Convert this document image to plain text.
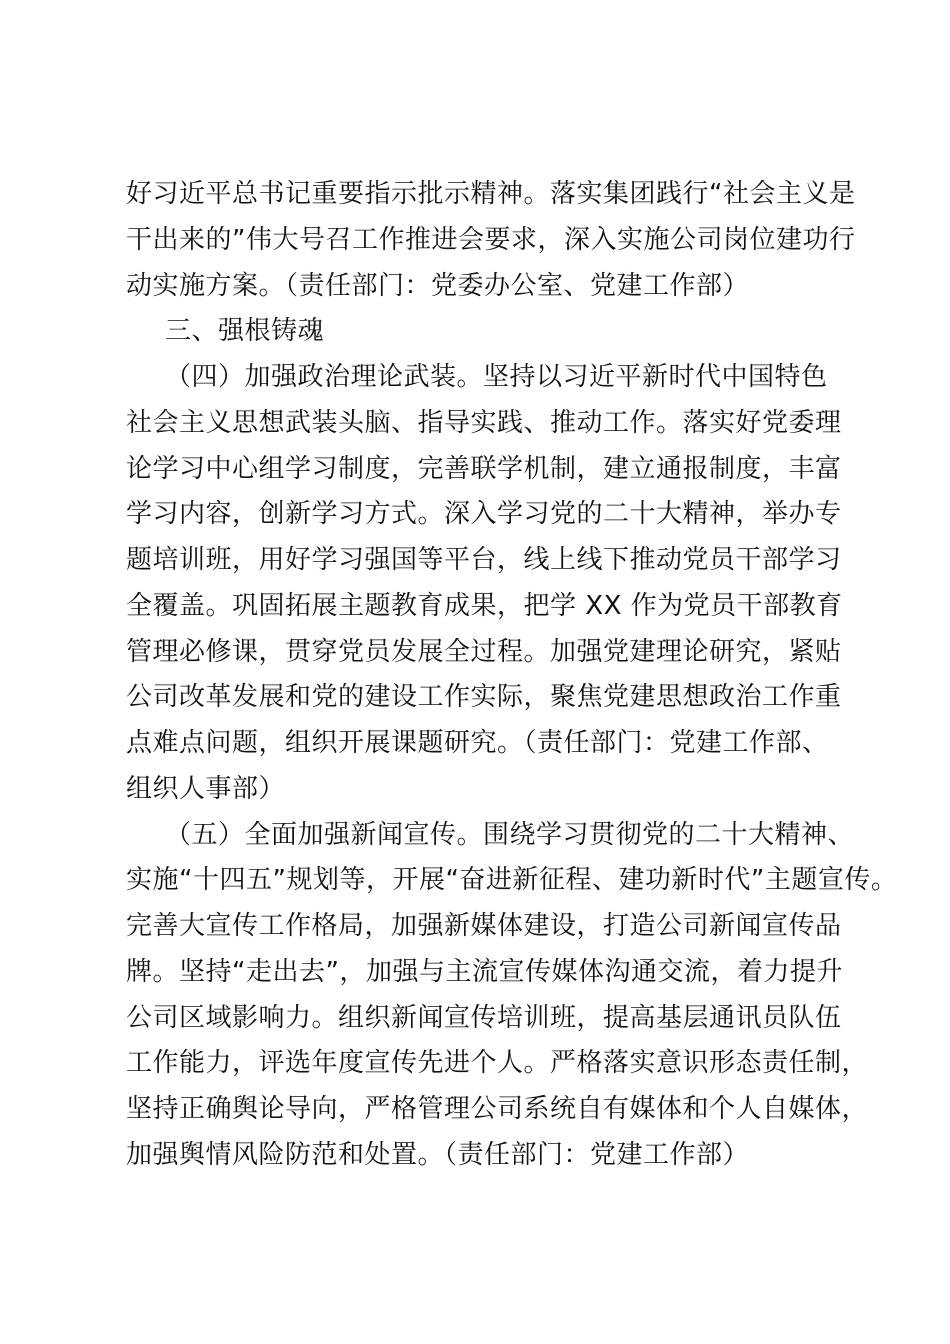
好习近平总书记重要指示批示精神。落实集团践行“社会主义是
干出来的”伟大号召工作推进会要求，深入实施公司岗位建功行
动实施方案。（责任部门：党委办公室、党建工作部）
三、强根铸魂
（四）加强政治理论武装。坚持以习近平新时代中国特色
社会主义思想武装头脑、指导实践、推动工作。落实好党委理
论学习中心组学习制度，完善联学机制，建立通报制度，丰富
学习内容，创新学习方式。深入学习党的二十大精神，举办专
题培训班，用好学习强国等平台，线上线下推动党员干部学习
全覆盖。巩固拓展主题教育成果，把学 XX 作为党员干部教育
管理必修课，贯穿党员发展全过程。加强党建理论研究，紧贴
公司改革发展和党的建设工作实际，聚焦党建思想政治工作重
点难点问题，组织开展课题研究。（责任部门：党建工作部、
组织人事部）
（五）全面加强新闻宣传。围绕学习贯彻党的二十大精神、
实施“十四五”规划等，开展“奋进新征程、建功新时代”主题宣传。
完善大宣传工作格局，加强新媒体建设，打造公司新闻宣传品
牌。坚持“走出去”，加强与主流宣传媒体沟通交流，着力提升
公司区域影响力。组织新闻宣传培训班，提高基层通讯员队伍
工作能力，评选年度宣传先进个人。严格落实意识形态责任制，
坚持正确舆论导向，严格管理公司系统自有媒体和个人自媒体，
加强舆情风险防范和处置。（责任部门：党建工作部）
